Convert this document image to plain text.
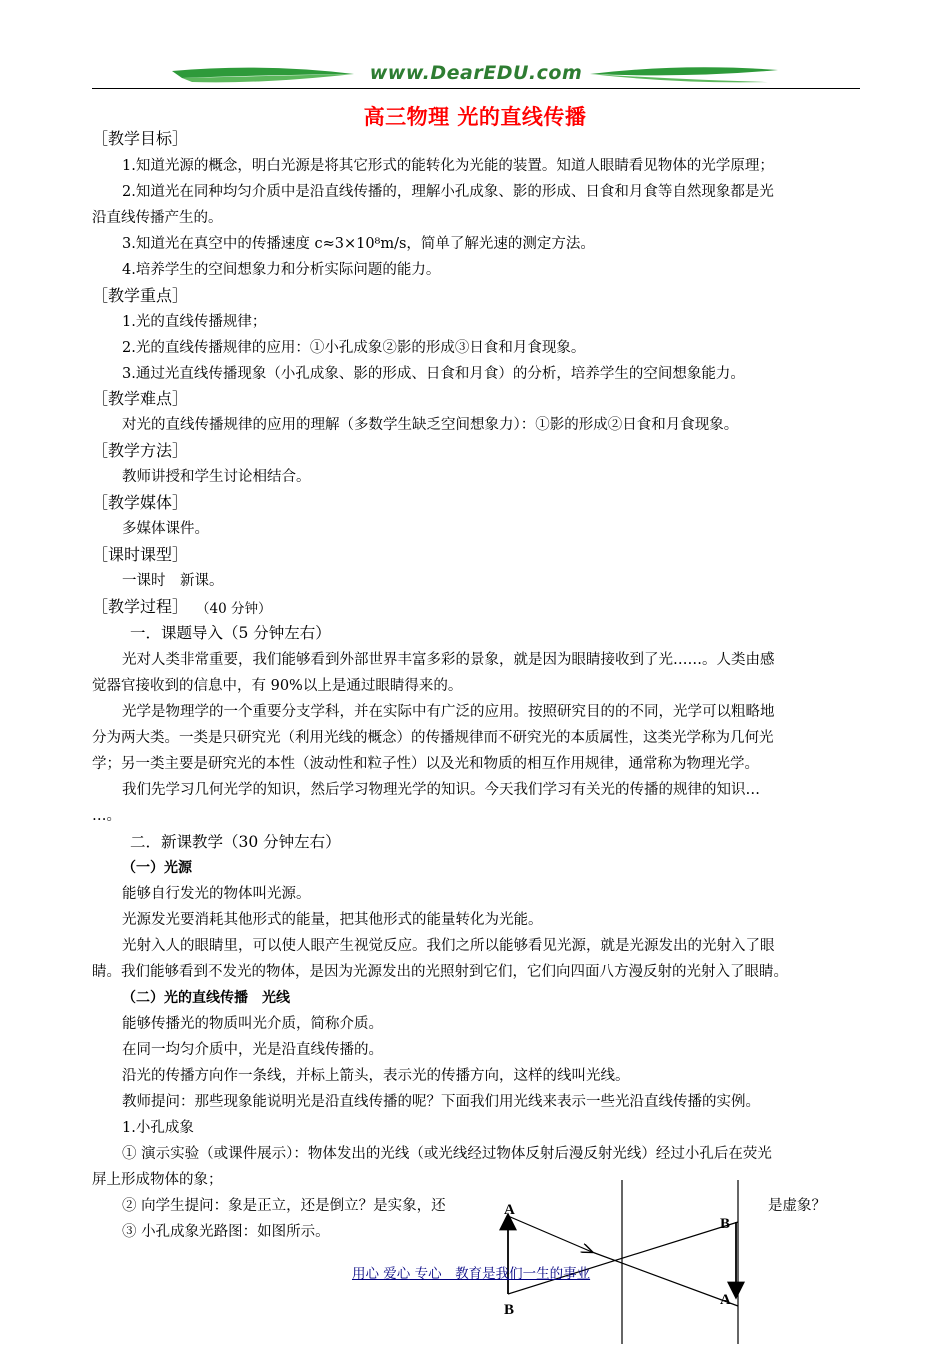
www.DearEDU.com
高三物理 光的直线传播
［教学目标］
1.知道光源的概念，明白光源是将其它形式的能转化为光能的装置。知道人眼睛看见物体的光学原理；
2.知道光在同种均匀介质中是沿直线传播的，理解小孔成象、影的形成、日食和月食等自然现象都是光
沿直线传播产生的。
3.知道光在真空中的传播速度 c≈3×10⁸m/s，简单了解光速的测定方法。
4.培养学生的空间想象力和分析实际问题的能力。
［教学重点］
1.光的直线传播规律；
2.光的直线传播规律的应用：①小孔成象②影的形成③日食和月食现象。
3.通过光直线传播现象（小孔成象、影的形成、日食和月食）的分析，培养学生的空间想象能力。
［教学难点］
对光的直线传播规律的应用的理解（多数学生缺乏空间想象力）：①影的形成②日食和月食现象。
［教学方法］
教师讲授和学生讨论相结合。
［教学媒体］
多媒体课件。
［课时课型］
一课时　新课。
［教学过程］ （40 分钟）
一．课题导入（5 分钟左右）
光对人类非常重要，我们能够看到外部世界丰富多彩的景象，就是因为眼睛接收到了光……。人类由感
觉器官接收到的信息中，有 90%以上是通过眼睛得来的。
光学是物理学的一个重要分支学科，并在实际中有广泛的应用。按照研究目的的不同，光学可以粗略地
分为两大类。一类是只研究光（利用光线的概念）的传播规律而不研究光的本质属性，这类光学称为几何光
学；另一类主要是研究光的本性（波动性和粒子性）以及光和物质的相互作用规律，通常称为物理光学。
我们先学习几何光学的知识，然后学习物理光学的知识。今天我们学习有关光的传播的规律的知识…
…。
二．新课教学（30 分钟左右）
（一）光源
能够自行发光的物体叫光源。
光源发光要消耗其他形式的能量，把其他形式的能量转化为光能。
光射入人的眼睛里，可以使人眼产生视觉反应。我们之所以能够看见光源，就是光源发出的光射入了眼
睛。我们能够看到不发光的物体，是因为光源发出的光照射到它们，它们向四面八方漫反射的光射入了眼睛。
（二）光的直线传播　光线
能够传播光的物质叫光介质，简称介质。
在同一均匀介质中，光是沿直线传播的。
沿光的传播方向作一条线，并标上箭头，表示光的传播方向，这样的线叫光线。
教师提问：那些现象能说明光是沿直线传播的呢？下面我们用光线来表示一些光沿直线传播的实例。
1.小孔成象
① 演示实验（或课件展示）：物体发出的光线（或光线经过物体反射后漫反射光线）经过小孔后在荧光
屏上形成物体的象；
② 向学生提问：象是正立，还是倒立？是实象，还	是虚象？
③ 小孔成象光路图：如图所示。
A
B
B
A
用心 爱心 专心　教育是我们一生的事业
